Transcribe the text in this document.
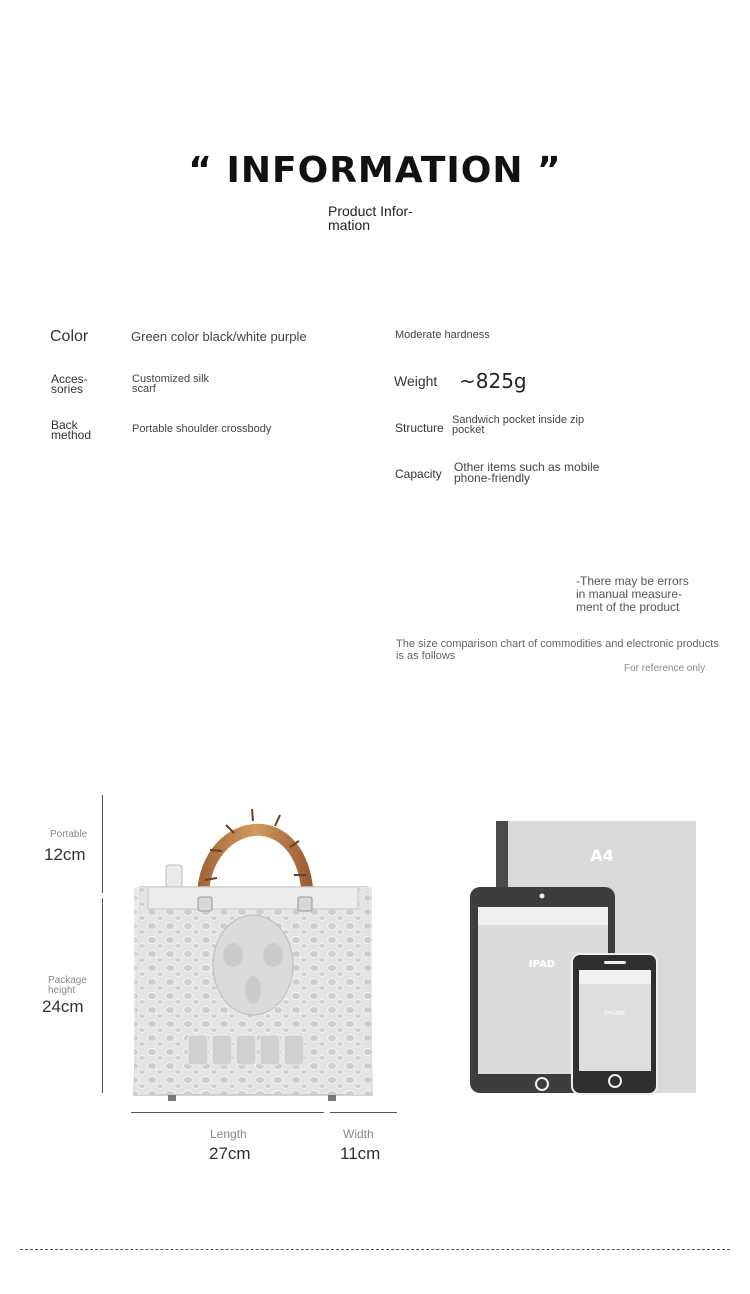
“ INFORMATION ”
Product Infor-
mation
Color	Green color black/white purple
Acces-
sories
Customized silk
scarf
Back
method	Portable shoulder crossbody
Moderate hardness
Weight ~825g
Structure
Sandwich pocket inside zip
pocket
Capacity Other items such as mobile
phone-friendly
-There may be errors
in manual measure-
ment of the product
The size comparison chart of commodities and electronic products
is as follows
For reference only
Portable
12cm
Package
height
24cm
Length
27cm
Width
11cm
A4
IPAD
IPHONE
